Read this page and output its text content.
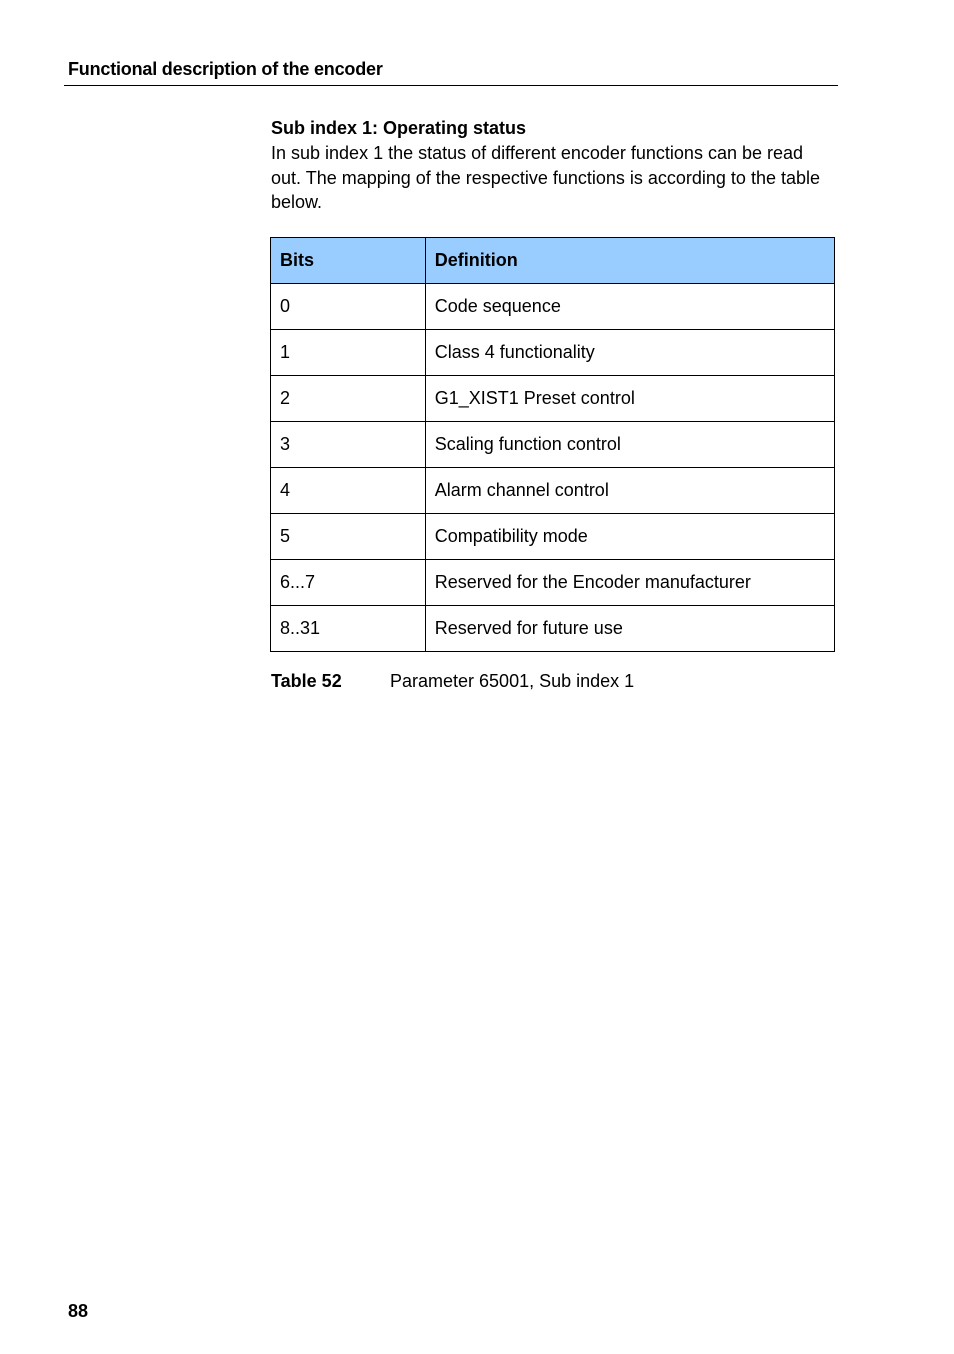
Functional description of the encoder

Sub index 1: Operating status

In sub index 1 the status of different encoder functions can be read out. The mapping of the respective functions is according to the table below.

Bits	Definition
0	Code sequence
1	Class 4 functionality
2	G1_XIST1 Preset control
3	Scaling function control
4	Alarm channel control
5	Compatibility mode
6...7	Reserved for the Encoder manufacturer
8..31	Reserved for future use
Table 52	Parameter 65001, Sub index 1
88
